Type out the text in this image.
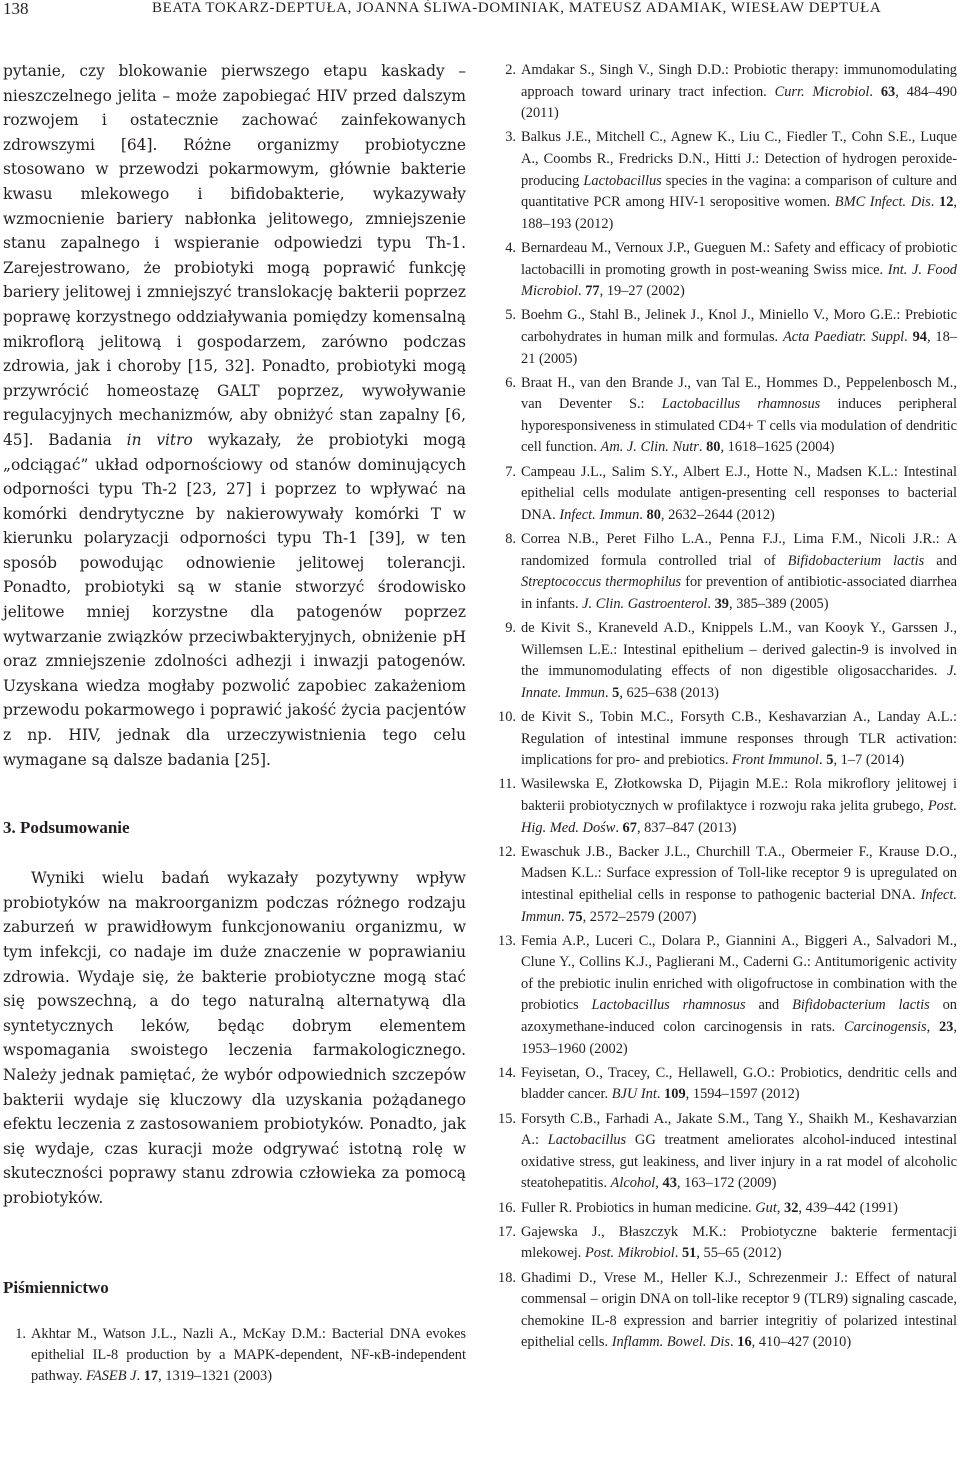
138	BEATA TOKARZ-DEPTUŁA, JOANNA ŚLIWA-DOMINIAK, MATEUSZ ADAMIAK, WIESŁAW DEPTUŁA

pytanie, czy blokowanie pierwszego etapu kaskady – nieszczelnego jelita – może zapobiegać HIV przed dalszym rozwojem i ostatecznie zachować zainfekowanych zdrowszymi [64]. Różne organizmy probiotyczne stosowano w przewodzi pokarmowym, głównie bakterie kwasu mlekowego i bifidobakterie, wykazywały wzmocnienie bariery nabłonka jelitowego, zmniejszenie stanu zapalnego i wspieranie odpowiedzi typu Th-1. Zarejestrowano, że probiotyki mogą poprawić funkcję bariery jelitowej i zmniejszyć translokację bakterii poprzez poprawę korzystnego oddziaływania pomiędzy komensalną mikroflorą jelitową i gospodarzem, zarówno podczas zdrowia, jak i choroby [15, 32]. Ponadto, probiotyki mogą przywrócić homeostazę GALT poprzez, wywoływanie regulacyjnych mechanizmów, aby obniżyć stan zapalny [6, 45]. Badania in vitro wykazały, że probiotyki mogą „odciągać” układ odpornościowy od stanów dominujących odporności typu Th-2 [23, 27] i poprzez to wpływać na komórki dendrytyczne by nakierowywały komórki T w kierunku polaryzacji odporności typu Th-1 [39], w ten sposób powodując odnowienie jelitowej tolerancji. Ponadto, probiotyki są w stanie stworzyć środowisko jelitowe mniej korzystne dla patogenów poprzez wytwarzanie związków przeciwbakteryjnych, obniżenie pH oraz zmniejszenie zdolności adhezji i inwazji patogenów. Uzyskana wiedza mogłaby pozwolić zapobiec zakażeniom przewodu pokarmowego i poprawić jakość życia pacjentów z np. HIV, jednak dla urzeczywistnienia tego celu wymagane są dalsze badania [25].

3. Podsumowanie

Wyniki wielu badań wykazały pozytywny wpływ probiotyków na makroorganizm podczas różnego rodzaju zaburzeń w prawidłowym funkcjonowaniu organizmu, w tym infekcji, co nadaje im duże znaczenie w poprawianiu zdrowia. Wydaje się, że bakterie probiotyczne mogą stać się powszechną, a do tego naturalną alternatywą dla syntetycznych leków, będąc dobrym elementem wspomagania swoistego leczenia farmakologicznego. Należy jednak pamiętać, że wybór odpowiednich szczepów bakterii wydaje się kluczowy dla uzyskania pożądanego efektu leczenia z zastosowaniem probiotyków. Ponadto, jak się wydaje, czas kuracji może odgrywać istotną rolę w skuteczności poprawy stanu zdrowia człowieka za pomocą probiotyków.

Piśmiennictwo
1. Akhtar M., Watson J.L., Nazli A., McKay D.M.: Bacterial DNA evokes epithelial IL-8 production by a MAPK-dependent, NF-κB-independent pathway. FASEB J. 17, 1319–1321 (2003)
2. Amdakar S., Singh V., Singh D.D.: Probiotic therapy: immunomodulating approach toward urinary tract infection. Curr. Microbiol. 63, 484–490 (2011)
3. Balkus J.E., Mitchell C., Agnew K., Liu C., Fiedler T., Cohn S.E., Luque A., Coombs R., Fredricks D.N., Hitti J.: Detection of hydrogen peroxide-producing Lactobacillus species in the vagina: a comparison of culture and quantitative PCR among HIV-1 seropositive women. BMC Infect. Dis. 12, 188–193 (2012)
4. Bernardeau M., Vernoux J.P., Gueguen M.: Safety and efficacy of probiotic lactobacilli in promoting growth in post-weaning Swiss mice. Int. J. Food Microbiol. 77, 19–27 (2002)
5. Boehm G., Stahl B., Jelinek J., Knol J., Miniello V., Moro G.E.: Prebiotic carbohydrates in human milk and formulas. Acta Paediatr. Suppl. 94, 18–21 (2005)
6. Braat H., van den Brande J., van Tal E., Hommes D., Peppelenbosch M., van Deventer S.: Lactobacillus rhamnosus induces peripheral hyporesponsiveness in stimulated CD4+ T cells via modulation of dendritic cell function. Am. J. Clin. Nutr. 80, 1618–1625 (2004)
7. Campeau J.L., Salim S.Y., Albert E.J., Hotte N., Madsen K.L.: Intestinal epithelial cells modulate antigen-presenting cell responses to bacterial DNA. Infect. Immun. 80, 2632–2644 (2012)
8. Correa N.B., Peret Filho L.A., Penna F.J., Lima F.M., Nicoli J.R.: A randomized formula controlled trial of Bifidobacterium lactis and Streptococcus thermophilus for prevention of antibiotic-associated diarrhea in infants. J. Clin. Gastroenterol. 39, 385–389 (2005)
9. de Kivit S., Kraneveld A.D., Knippels L.M., van Kooyk Y., Garssen J., Willemsen L.E.: Intestinal epithelium – derived galectin-9 is involved in the immunomodulating effects of non digestible oligosaccharides. J. Innate. Immun. 5, 625–638 (2013)
10. de Kivit S., Tobin M.C., Forsyth C.B., Keshavarzian A., Landay A.L.: Regulation of intestinal immune responses through TLR activation: implications for pro- and prebiotics. Front Immunol. 5, 1–7 (2014)
11. Wasilewska E, Złotkowska D, Pijagin M.E.: Rola mikroflory jelitowej i bakterii probiotycznych w profilaktyce i rozwoju raka jelita grubego, Post. Hig. Med. Dośw. 67, 837–847 (2013)
12. Ewaschuk J.B., Backer J.L., Churchill T.A., Obermeier F., Krause D.O., Madsen K.L.: Surface expression of Toll-like receptor 9 is upregulated on intestinal epithelial cells in response to pathogenic bacterial DNA. Infect. Immun. 75, 2572–2579 (2007)
13. Femia A.P., Luceri C., Dolara P., Giannini A., Biggeri A., Salvadori M., Clune Y., Collins K.J., Paglierani M., Caderni G.: Antitumorigenic activity of the prebiotic inulin enriched with oligofructose in combination with the probiotics Lactobacillus rhamnosus and Bifidobacterium lactis on azoxymethane-induced colon carcinogensis in rats. Carcinogensis, 23, 1953–1960 (2002)
14. Feyisetan, O., Tracey, C., Hellawell, G.O.: Probiotics, dendritic cells and bladder cancer. BJU Int. 109, 1594–1597 (2012)
15. Forsyth C.B., Farhadi A., Jakate S.M., Tang Y., Shaikh M., Keshavarzian A.: Lactobacillus GG treatment ameliorates alcohol-induced intestinal oxidative stress, gut leakiness, and liver injury in a rat model of alcoholic steatohepatitis. Alcohol, 43, 163–172 (2009)
16. Fuller R. Probiotics in human medicine. Gut, 32, 439–442 (1991)
17. Gajewska J., Błaszczyk M.K.: Probiotyczne bakterie fermentacji mlekowej. Post. Mikrobiol. 51, 55–65 (2012)
18. Ghadimi D., Vrese M., Heller K.J., Schrezenmeir J.: Effect of natural commensal – origin DNA on toll-like receptor 9 (TLR9) signaling cascade, chemokine IL-8 expression and barrier integritiy of polarized intestinal epithelial cells. Inflamm. Bowel. Dis. 16, 410–427 (2010)
